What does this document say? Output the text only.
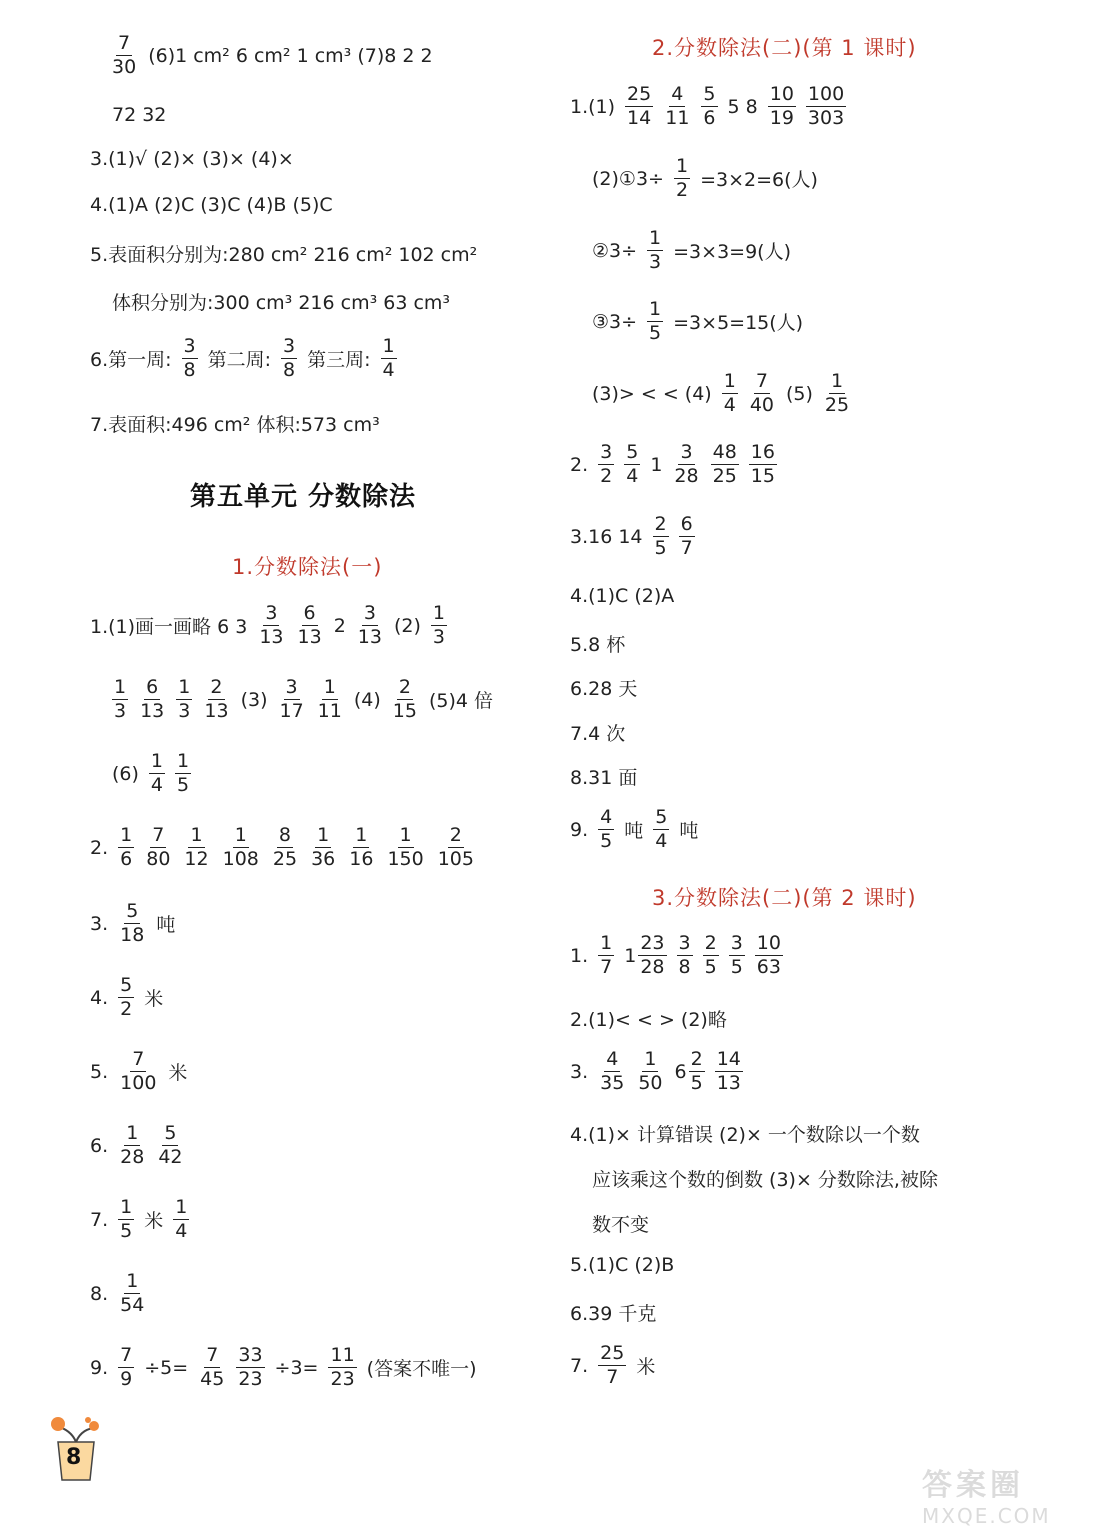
$\frac{7}{30} (6)1$ cm² 6 cm² 1 cm³ (7)8 2 2
72 32
3.(1)√ (2)× (3)× (4)×
4.(1)A (2)C (3)C (4)B (5)C
5.表面积分别为:280 cm² 216 cm² 102 cm²
体积分别为:300 cm³ 216 cm³ 63 cm³
6.第一周: $\frac{3}{8}$ 第二周: $\frac{3}{8}$ 第三周: $\frac{1}{4}$
7.表面积:496 cm² 体积:573 cm³
第五单元 分数除法
1.分数除法(一)
1.(1)画一画略 6 $3 \frac{3}{13} \frac{6}{13} 2 \frac{3}{13} (2) \frac{1}{3}$
$\frac{1}{3} \frac{6}{13} \frac{1}{3} \frac{2}{13} (3) \frac{3}{17} \frac{1}{11} (4) \frac{2}{15} (5)4$ 倍
$(6) \frac{1}{4} \frac{1}{5}$
2. $\frac{1}{6} \frac{7}{80} \frac{1}{12} \frac{1}{108} \frac{8}{25} \frac{1}{36} \frac{1}{16} \frac{1}{150} \frac{2}{105}$
3. $\frac{5}{18}$ 吨
4. $\frac{5}{2}$ 米
5. $\frac{7}{100}$ 米
6. $\frac{1}{28} \frac{5}{42}$
7. $\frac{1}{5}$ 米 $\frac{1}{4}$
8. $\frac{1}{54}$
9. $\frac{7}{9} \div 5= \frac{7}{45} \frac{33}{23} \div 3= \frac{11}{23}$ (答案不唯一)
8
2.分数除法(二)(第 1 课时)
$1.(1) \frac{25}{14} \frac{4}{11} \frac{5}{6} 5$ $8 \frac{10}{19} \frac{100}{303}$
(2)①3÷ $\frac{1}{2} =3\times 2=6$(人)
②3÷ $\frac{1}{3} =3\times 3=9$(人)
③3÷ $\frac{1}{5} =3\times 5=15$(人)
(3)> < < $(4) \frac{1}{4} \frac{7}{40} (5) \frac{1}{25}$
2. $\frac{3}{2} \frac{5}{4} 1 \frac{3}{28} \frac{48}{25} \frac{16}{15}$
3.16 $14 \frac{2}{5} \frac{6}{7}$
4.(1)C (2)A
5.8 杯
6.28 天
7.4 次
8.31 面
9. $\frac{4}{5}$ 吨 $\frac{5}{4}$ 吨
3.分数除法(二)(第 2 课时)
1. $\frac{1}{7} 1 \frac{23}{28} \frac{3}{8} \frac{2}{5} \frac{3}{5} \frac{10}{63}$
2.(1)< < > (2)略
3. $\frac{4}{35} \frac{1}{50} 6 \frac{2}{5} \frac{14}{13}$
4.(1)× 计算错误 (2)× 一个数除以一个数
应该乘这个数的倒数 (3)× 分数除法,被除
数不变
5.(1)C (2)B
6.39 千克
7. $\frac{25}{7}$ 米
答案圈
MXQE.COM
